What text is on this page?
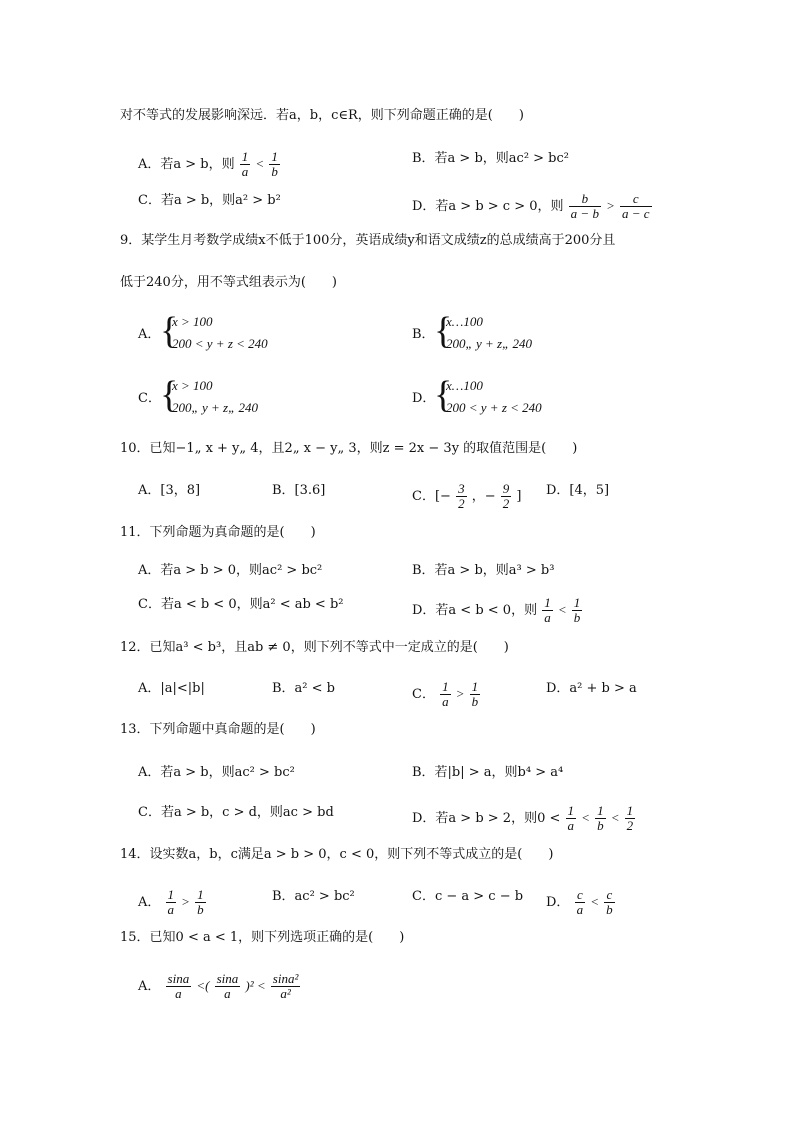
对不等式的发展影响深远．若a，b，c∈R，则下列命题正确的是(　　)
A．若a > b，则 $\frac{1}{a} < \frac{1}{b}$	B．若a > b，则ac² > bc²
C．若a > b，则a² > b²	D．若a > b > c > 0，则 $\frac{b}{a - b} > \frac{c}{a - c}$
9．某学生月考数学成绩x不低于100分，英语成绩y和语文成绩z的总成绩高于200分且
低于240分，用不等式组表示为(　　)
A． {
x > 100
200 < y + z < 240
B． {
x…100
200„ y + z„ 240
C． {
x > 100
200„ y + z„ 240
D．
{
x…100
200 < y + z < 240
10．已知−1„ x + y„ 4，且2„ x − y„ 3，则z = 2x − 3y 的取值范围是(　　)
A．[3，8]	B．[3.6]	C．[− $\frac{3}{2}$ ，− $\frac{9}{2}$ ] D．[4，5]
11．下列命题为真命题的是(　　)
A．若a > b > 0，则ac² > bc²	B．若a > b，则a³ > b³
C．若a < b < 0，则a² < ab < b²	D．若a < b < 0，则 $\frac{1}{a} < \frac{1}{b}$
12．已知a³ < b³，且ab ≠ 0，则下列不等式中一定成立的是(　　)
A．|a|<|b|	B．a² < b	C． $\frac{1}{a} > \frac{1}{b}$	D．a² + b > a
13．下列命题中真命题的是(　　)
A．若a > b，则ac² > bc²	B．若|b| > a，则b⁴ > a⁴
C．若a > b，c > d，则ac > bd	D．若a > b > 2，则$0 < \frac{1}{a} < \frac{1}{b} < \frac{1}{2}$
14．设实数a，b，c满足a > b > 0，c < 0，则下列不等式成立的是(　　)
A． $\frac{1}{a} > \frac{1}{b}$	B．ac² > bc²	C．c − a > c − b D． $\frac{c}{a} < \frac{c}{b}$
15．已知0 < a < 1，则下列选项正确的是(　　)
A． $\frac{\sin a}{a}$ <( $\frac{\sin a}{a} )^2 < \frac{\text{sina²}}{\text{a²}}$
